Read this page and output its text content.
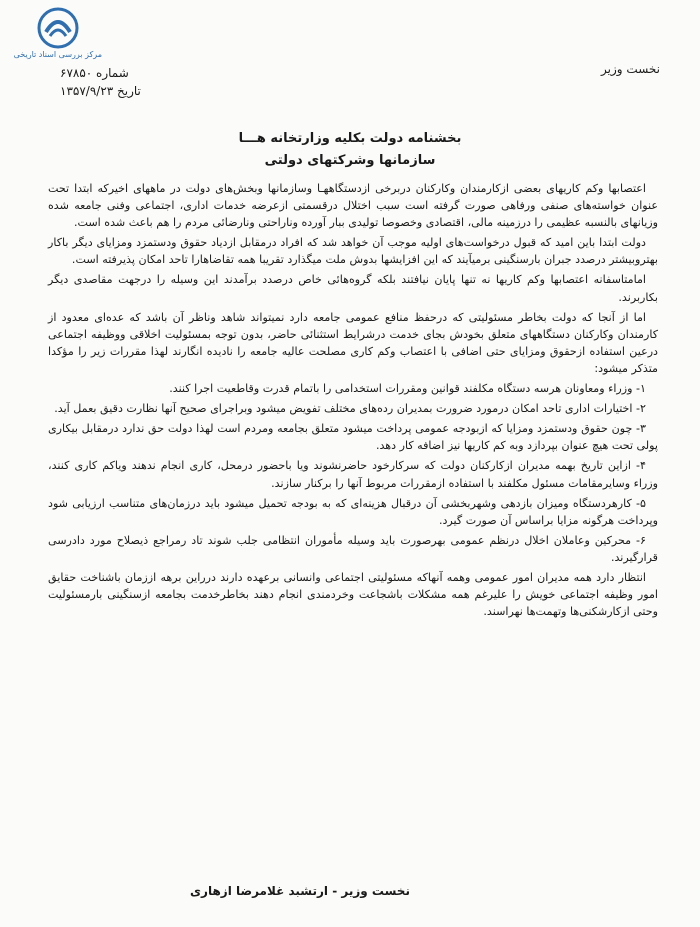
مرکز بررسی اسناد تاریخی
شماره ۶۷۸۵۰
تاریخ ۱۳۵۷/۹/۲۳
نخست وزیر
بخشنامه دولت بکلیه وزارتخانه هـــا
سازمانها وشرکتهای دولتی

اعتصابها وکم کاریهای بعضی ازکارمندان وکارکنان دربرخی ازدستگاههـا وسازمانها وبخش‌های دولت در ماههای اخیرکه ابتدا تحت عنوان خواسته‌های صنفی ورفاهی صورت گرفته است سبب اختلال درقسمتی ازعرضه خدمات اداری، اجتماعی وفنی جامعه شده وزیانهای بالنسبه عظیمی را درزمینه مالی، اقتصادی وخصوصا تولیدی ببار آورده وناراحتی ونارضائی مردم را هم باعث شده است.

دولت ابتدا باین امید که قبول درخواست‌های اولیه موجب آن خواهد شد که افراد درمقابل ازدیاد حقوق ودستمزد ومزایای دیگر باکار بهتروبیشتر درصدد جبران بارسنگینی برمیآیند که این افزایشها بدوش ملت میگذارد تقریبا همه تقاضاهارا تاحد امکان پذیرفته است.

امامتاسفانه اعتصابها وکم کاریها نه تنها پایان نیافتند بلکه گروه‌هائی خاص درصدد برآمدند این وسیله را درجهت مقاصدی دیگر بکاربرند.

اما از آنجا که دولت بخاطر مسئولیتی که درحفظ منافع عمومی جامعه دارد نمیتواند شاهد وناظر آن باشد که عده‌ای معدود از کارمندان وکارکنان دستگاههای متعلق بخودش بجای خدمت درشرایط استثنائی حاضر، بدون توجه بمسئولیت اخلاقی ووظیفه اجتماعی درعین استفاده ازحقوق ومزایای حتی اضافی با اعتصاب وکم کاری مصلحت عالیه جامعه را نادیده انگارند لهذا مقررات زیر را مؤکدا متذکر میشود:

۱- وزراء ومعاونان هرسه دستگاه مکلفند قوانین ومقررات استخدامی را باتمام قدرت وقاطعیت اجرا کنند.

۲- اختیارات اداری تاحد امکان درمورد ضرورت بمدیران رده‌های مختلف تفویض میشود وبراجرای صحیح آنها نظارت دقیق بعمل آید.

۳- چون حقوق ودستمزد ومزایا که ازبودجه عمومی پرداخت میشود متعلق بجامعه ومردم است لهذا دولت حق ندارد درمقابل بیکاری پولی تحت هیچ عنوان بپردازد وبه کم کاریها نیز اضافه کار دهد.

۴- ازاین تاریخ بهمه مدیران ازکارکنان دولت که سرکارخود حاضرنشوند ویا باحضور درمحل، کاری انجام ندهند ویاکم کاری کنند، وزراء وسایرمقامات مسئول مکلفند با استفاده ازمقررات مربوط آنها را برکنار سازند.

۵- کارهردستگاه ومیزان بازدهی وشهربخشی آن درقبال هزینه‌ای که به بودجه تحمیل میشود باید درزمان‌های متناسب ارزیابی شود وپرداخت هرگونه مزایا براساس آن صورت گیرد.

۶- محرکین وعاملان اخلال درنظم عمومی بهرصورت باید وسیله مأموران انتظامی جلب شوند تاد رمراجع ذیصلاح مورد دادرسی قرارگیرند.

انتظار دارد همه مدیران امور عمومی وهمه آنهاکه مسئولیتی اجتماعی وانسانی برعهده دارند درراین برهه اززمان باشناخت حقایق امور وظیفه اجتماعی خویش را علیرغم همه مشکلات باشجاعت وخردمندی انجام دهند بخاطرخدمت بجامعه ازسنگینی بارمسئولیت وحتی ازکارشکنی‌ها وتهمت‌ها نهراسند.

نخست وزیر - ارتشبد غلامرضا ازهاری
